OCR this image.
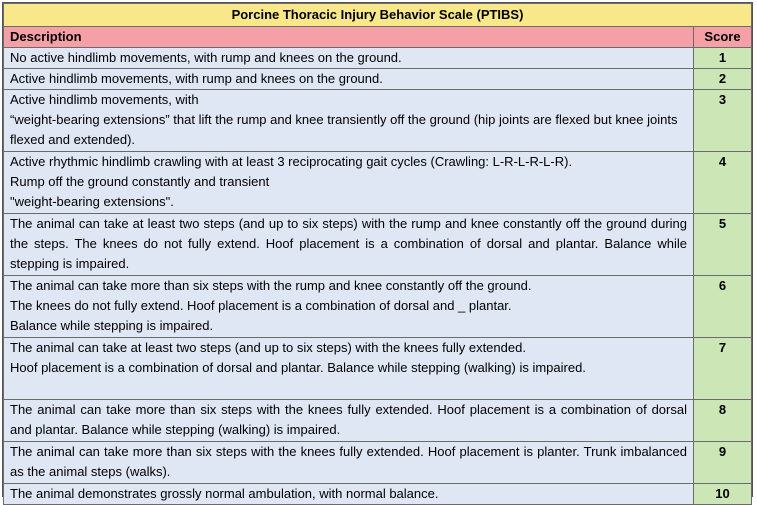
Porcine Thoracic Injury Behavior Scale (PTIBS)	
Description	Score
No active hindlimb movements, with rump and knees on the ground.	1
Active hindlimb movements, with rump and knees on the ground.	2
Active hindlimb movements, with
“weight-bearing extensions” that lift the rump and knee transiently off the ground (hip joints are flexed but knee joints flexed and extended).	3
Active rhythmic hindlimb crawling with at least 3 reciprocating gait cycles (Crawling: L-R-L-R-L-R).
Rump off the ground constantly and transient
"weight-bearing extensions".	4
The animal can take at least two steps (and up to six steps) with the rump and knee constantly off the ground during the steps. The knees do not fully extend. Hoof placement is a combination of dorsal and plantar. Balance while stepping is impaired.	5
The animal can take more than six steps with the rump and knee constantly off the ground.
The knees do not fully extend. Hoof placement is a combination of dorsal and _ plantar.
Balance while stepping is impaired.	6
The animal can take at least two steps (and up to six steps) with the knees fully extended.
Hoof placement is a combination of dorsal and plantar. Balance while stepping (walking) is impaired.	7
The animal can take more than six steps with the knees fully extended. Hoof placement is a combination of dorsal and plantar. Balance while stepping (walking) is impaired.	8
The animal can take more than six steps with the knees fully extended. Hoof placement is planter. Trunk imbalanced as the animal steps (walks).	9
The animal demonstrates grossly normal ambulation, with normal balance.	10
